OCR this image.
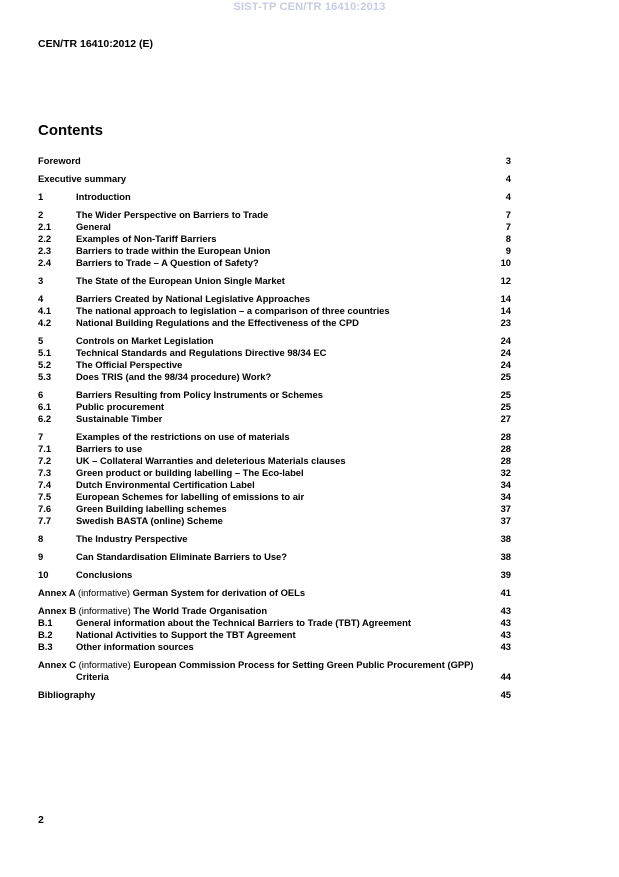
SIST-TP CEN/TR 16410:2013
CEN/TR 16410:2012 (E)
Contents
Foreword	3
Executive summary	4
1	Introduction	4
2	The Wider Perspective on Barriers to Trade	7
2.1	General	7
2.2	Examples of Non-Tariff Barriers	8
2.3	Barriers to trade within the European Union	9
2.4	Barriers to Trade – A Question of Safety?	10
3	The State of the European Union Single Market	12
4	Barriers Created by National Legislative Approaches	14
4.1	The national approach to legislation – a comparison of three countries	14
4.2	National Building Regulations and the Effectiveness of the CPD	23
5	Controls on Market Legislation	24
5.1	Technical Standards and Regulations Directive 98/34 EC	24
5.2	The Official Perspective	24
5.3	Does TRIS (and the 98/34 procedure) Work?	25
6	Barriers Resulting from Policy Instruments or Schemes	25
6.1	Public procurement	25
6.2	Sustainable Timber	27
7	Examples of the restrictions on use of materials	28
7.1	Barriers to use	28
7.2	UK – Collateral Warranties and deleterious Materials clauses	28
7.3	Green product or building labelling – The Eco-label	32
7.4	Dutch Environmental Certification Label	34
7.5	European Schemes for labelling of emissions to air	34
7.6	Green Building labelling schemes	37
7.7	Swedish BASTA (online) Scheme	37
8	The Industry Perspective	38
9	Can Standardisation Eliminate Barriers to Use?	38
10	Conclusions	39
Annex A (informative) German System for derivation of OELs	41
Annex B (informative) The World Trade Organisation	43
B.1 General information about the Technical Barriers to Trade (TBT) Agreement	43
B.2 National Activities to Support the TBT Agreement	43
B.3 Other information sources	43
Annex C (informative) European Commission Process for Setting Green Public Procurement (GPP)
Criteria	44
Bibliography	45
2
